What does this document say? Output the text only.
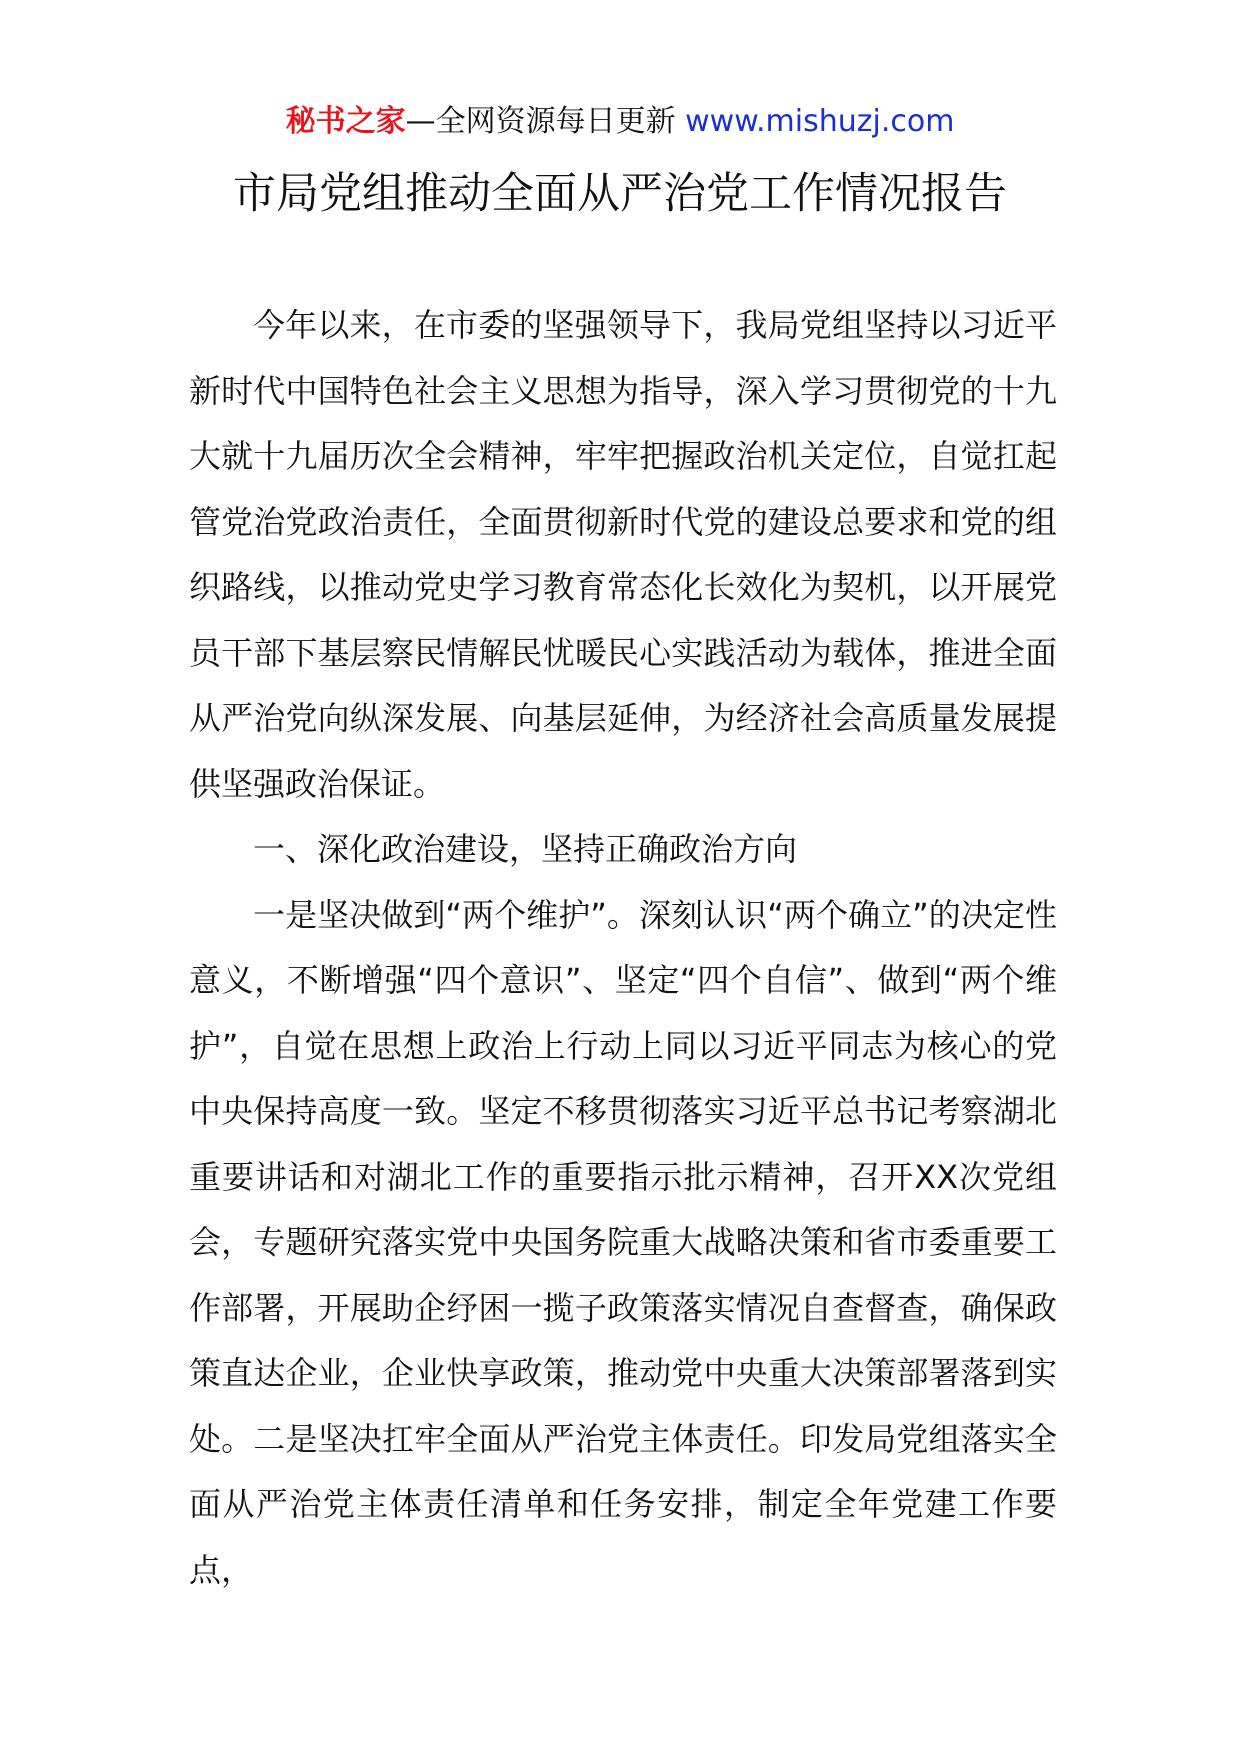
秘书之家—全网资源每日更新 www.mishuzj.com
市局党组推动全面从严治党工作情况报告

今年以来，在市委的坚强领导下，我局党组坚持以习近平新时代中国特色社会主义思想为指导，深入学习贯彻党的十九大就十九届历次全会精神，牢牢把握政治机关定位，自觉扛起管党治党政治责任，全面贯彻新时代党的建设总要求和党的组织路线，以推动党史学习教育常态化长效化为契机，以开展党员干部下基层察民情解民忧暖民心实践活动为载体，推进全面从严治党向纵深发展、向基层延伸，为经济社会高质量发展提供坚强政治保证。

一、深化政治建设，坚持正确政治方向

一是坚决做到“两个维护”。深刻认识“两个确立”的决定性意义，不断增强“四个意识”、坚定“四个自信”、做到“两个维护”，自觉在思想上政治上行动上同以习近平同志为核心的党中央保持高度一致。坚定不移贯彻落实习近平总书记考察湖北重要讲话和对湖北工作的重要指示批示精神，召开XX次党组会，专题研究落实党中央国务院重大战略决策和省市委重要工作部署，开展助企纾困一揽子政策落实情况自查督查，确保政策直达企业，企业快享政策，推动党中央重大决策部署落到实处。二是坚决扛牢全面从严治党主体责任。印发局党组落实全面从严治党主体责任清单和任务安排，制定全年党建工作要点，
